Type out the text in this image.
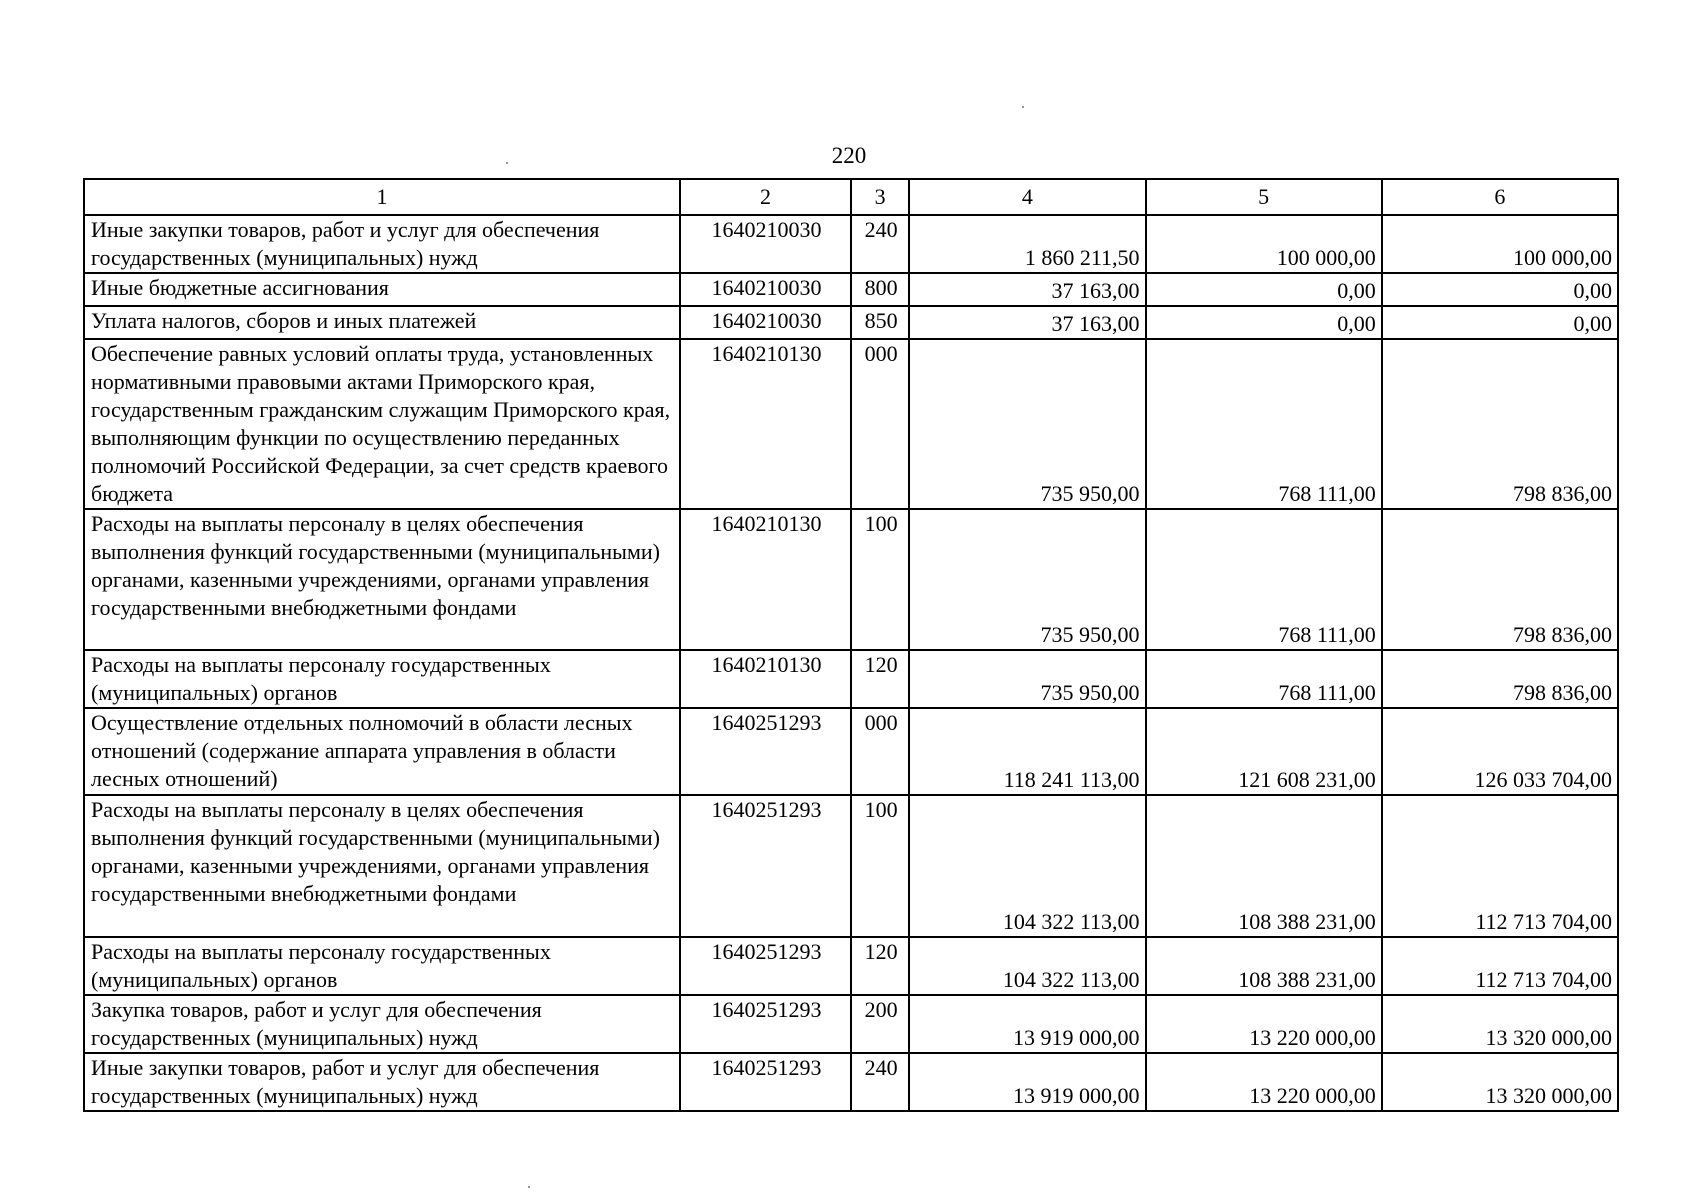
220
1	2	3	4	5	6
Иные закупки товаров, работ и услуг для обеспечения государственных (муниципальных) нужд	1640210030	240	1 860 211,50	100 000,00	100 000,00
Иные бюджетные ассигнования	1640210030	800	37 163,00	0,00	0,00
Уплата налогов, сборов и иных платежей	1640210030	850	37 163,00	0,00	0,00
Обеспечение равных условий оплаты труда, установленных нормативными правовыми актами Приморского края, государственным гражданским служащим Приморского края, выполняющим функции по осуществлению переданных полномочий Российской Федерации, за счет средств краевого бюджета	1640210130	000	735 950,00	768 111,00	798 836,00
Расходы на выплаты персоналу в целях обеспечения выполнения функций государственными (муниципальными) органами, казенными учреждениями, органами управления государственными внебюджетными фондами	1640210130	100	735 950,00	768 111,00	798 836,00
Расходы на выплаты персоналу государственных (муниципальных) органов	1640210130	120	735 950,00	768 111,00	798 836,00
Осуществление отдельных полномочий в области лесных отношений (содержание аппарата управления в области лесных отношений)	1640251293	000	118 241 113,00	121 608 231,00	126 033 704,00
Расходы на выплаты персоналу в целях обеспечения выполнения функций государственными (муниципальными) органами, казенными учреждениями, органами управления государственными внебюджетными фондами	1640251293	100	104 322 113,00	108 388 231,00	112 713 704,00
Расходы на выплаты персоналу государственных (муниципальных) органов	1640251293	120	104 322 113,00	108 388 231,00	112 713 704,00
Закупка товаров, работ и услуг для обеспечения государственных (муниципальных) нужд	1640251293	200	13 919 000,00	13 220 000,00	13 320 000,00
Иные закупки товаров, работ и услуг для обеспечения государственных (муниципальных) нужд	1640251293	240	13 919 000,00	13 220 000,00	13 320 000,00
